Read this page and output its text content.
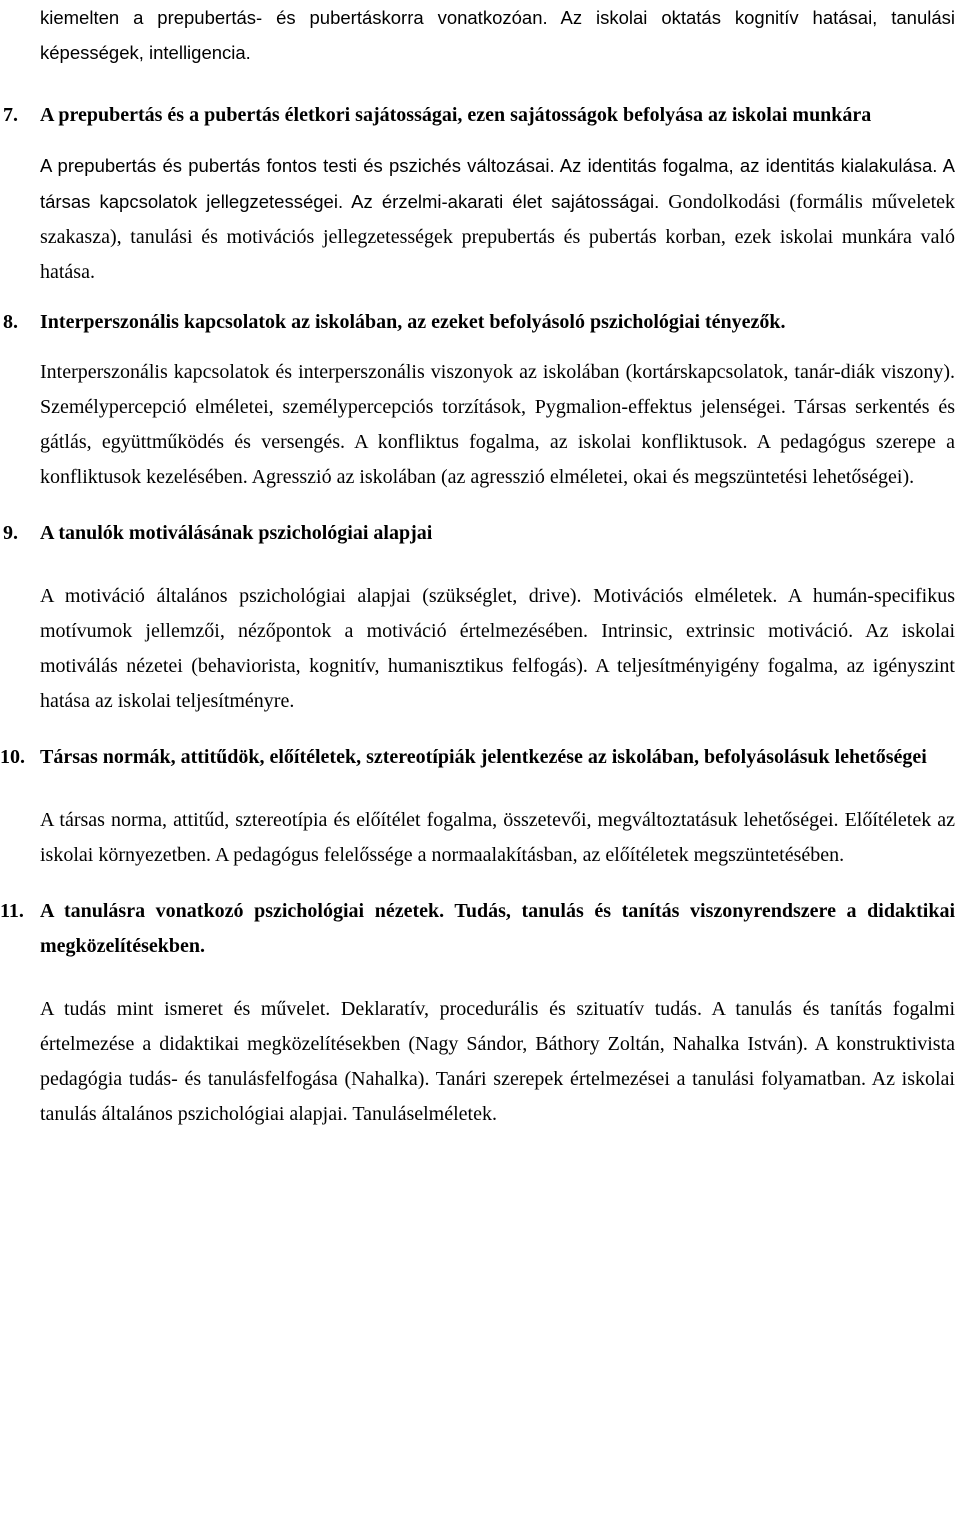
kiemelten a prepubertás- és pubertáskorra vonatkozóan. Az iskolai oktatás kognitív hatásai, tanulási képességek, intelligencia.

7.	A prepubertás és a pubertás életkori sajátosságai, ezen sajátosságok befolyása az iskolai munkára

A prepubertás és pubertás fontos testi és pszichés változásai. Az identitás fogalma, az identitás kialakulása. A társas kapcsolatok jellegzetességei. Az érzelmi-akarati élet sajátosságai. Gondolkodási (formális műveletek szakasza), tanulási és motivációs jellegzetességek prepubertás és pubertás korban, ezek iskolai munkára való hatása.

8.	Interperszonális kapcsolatok az iskolában, az ezeket befolyásoló pszichológiai tényezők.

Interperszonális kapcsolatok és interperszonális viszonyok az iskolában (kortárskapcsolatok, tanár-diák viszony). Személypercepció elméletei, személypercepciós torzítások, Pygmalion-effektus jelenségei. Társas serkentés és gátlás, együttműködés és versengés. A konfliktus fogalma, az iskolai konfliktusok. A pedagógus szerepe a konfliktusok kezelésében. Agresszió az iskolában (az agresszió elméletei, okai és megszüntetési lehetőségei).

9.	A tanulók motiválásának pszichológiai alapjai

A motiváció általános pszichológiai alapjai (szükséglet, drive). Motivációs elméletek. A humán-specifikus motívumok jellemzői, nézőpontok a motiváció értelmezésében. Intrinsic, extrinsic motiváció. Az iskolai motiválás nézetei (behaviorista, kognitív, humanisztikus felfogás). A teljesítményigény fogalma, az igényszint hatása az iskolai teljesítményre.

10. Társas normák, attitűdök, előítéletek, sztereotípiák jelentkezése az iskolában, befolyásolásuk lehetőségei

A társas norma, attitűd, sztereotípia és előítélet fogalma, összetevői, megváltoztatásuk lehetőségei. Előítéletek az iskolai környezetben. A pedagógus felelőssége a normaalakításban, az előítéletek megszüntetésében.

11. A tanulásra vonatkozó pszichológiai nézetek. Tudás, tanulás és tanítás viszonyrendszere a didaktikai megközelítésekben.

A tudás mint ismeret és művelet. Deklaratív, procedurális és szituatív tudás. A tanulás és tanítás fogalmi értelmezése a didaktikai megközelítésekben (Nagy Sándor, Báthory Zoltán, Nahalka István). A konstruktivista pedagógia tudás- és tanulásfelfogása (Nahalka). Tanári szerepek értelmezései a tanulási folyamatban. Az iskolai tanulás általános pszichológiai alapjai. Tanuláselméletek.
